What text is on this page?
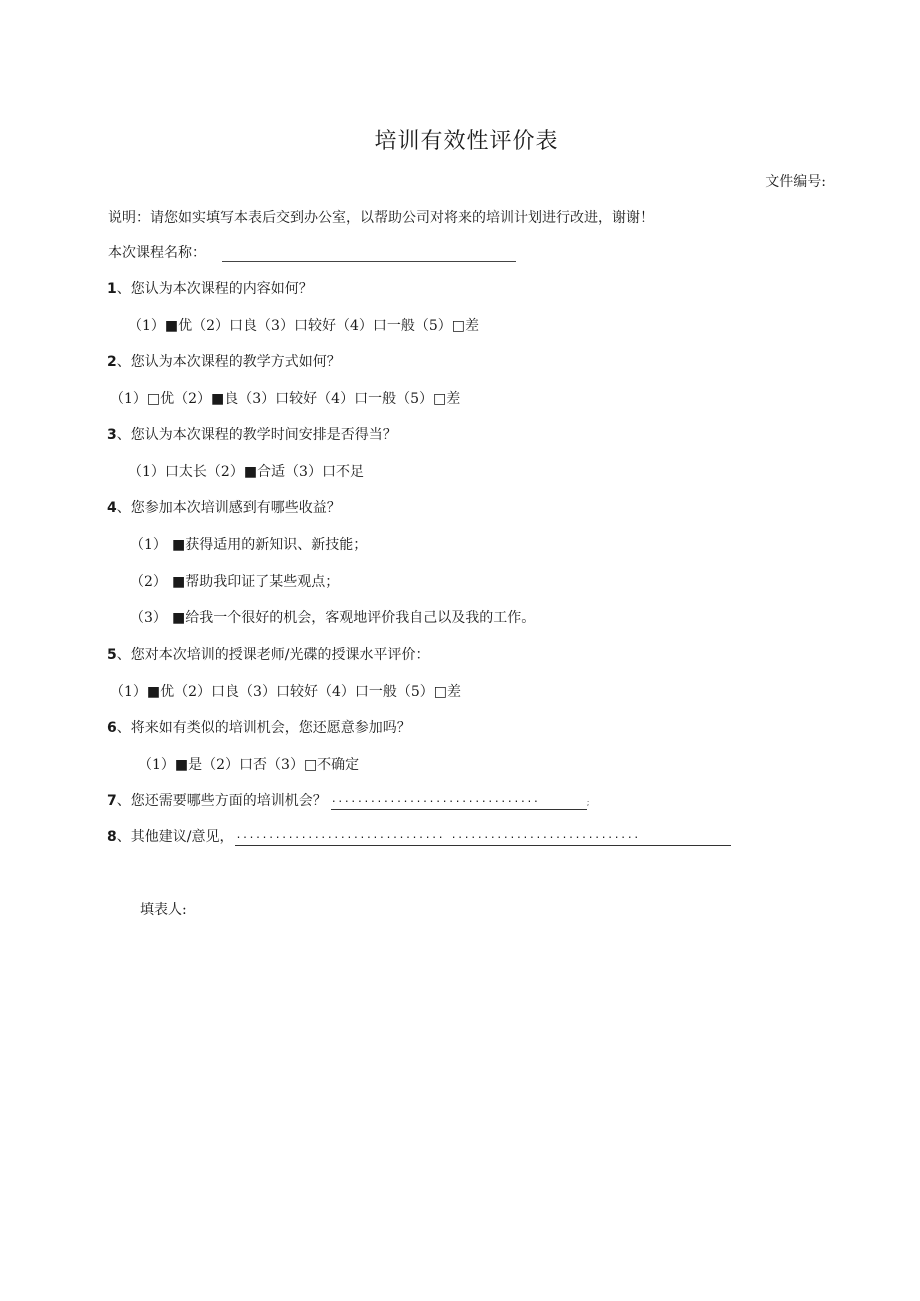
培训有效性评价表
文件编号:
说明：请您如实填写本表后交到办公室，以帮助公司对将来的培训计划进行改进，谢谢！
本次课程名称：
1、您认为本次课程的内容如何？
（1）■优（2）口良（3）口较好（4）口一般（5）□差
2、您认为本次课程的教学方式如何？
（1）□优（2）■良（3）口较好（4）口一般（5）□差
3、您认为本次课程的教学时间安排是否得当？
（1）口太长（2）■合适（3）口不足
4、您参加本次培训感到有哪些收益？
（1） ■获得适用的新知识、新技能；
（2） ■帮助我印证了某些观点；
（3） ■给我一个很好的机会，客观地评价我自己以及我的工作。
5、您对本次培训的授课老师/光碟的授课水平评价：
（1）■优（2）口良（3）口较好（4）口一般（5）□差
6、将来如有类似的培训机会，您还愿意参加吗？
（1）■是（2）口否（3）□不确定
7、您还需要哪些方面的培训机会？ ................................	;
8、其他建议/意见， ................................ .............................
填表人:
